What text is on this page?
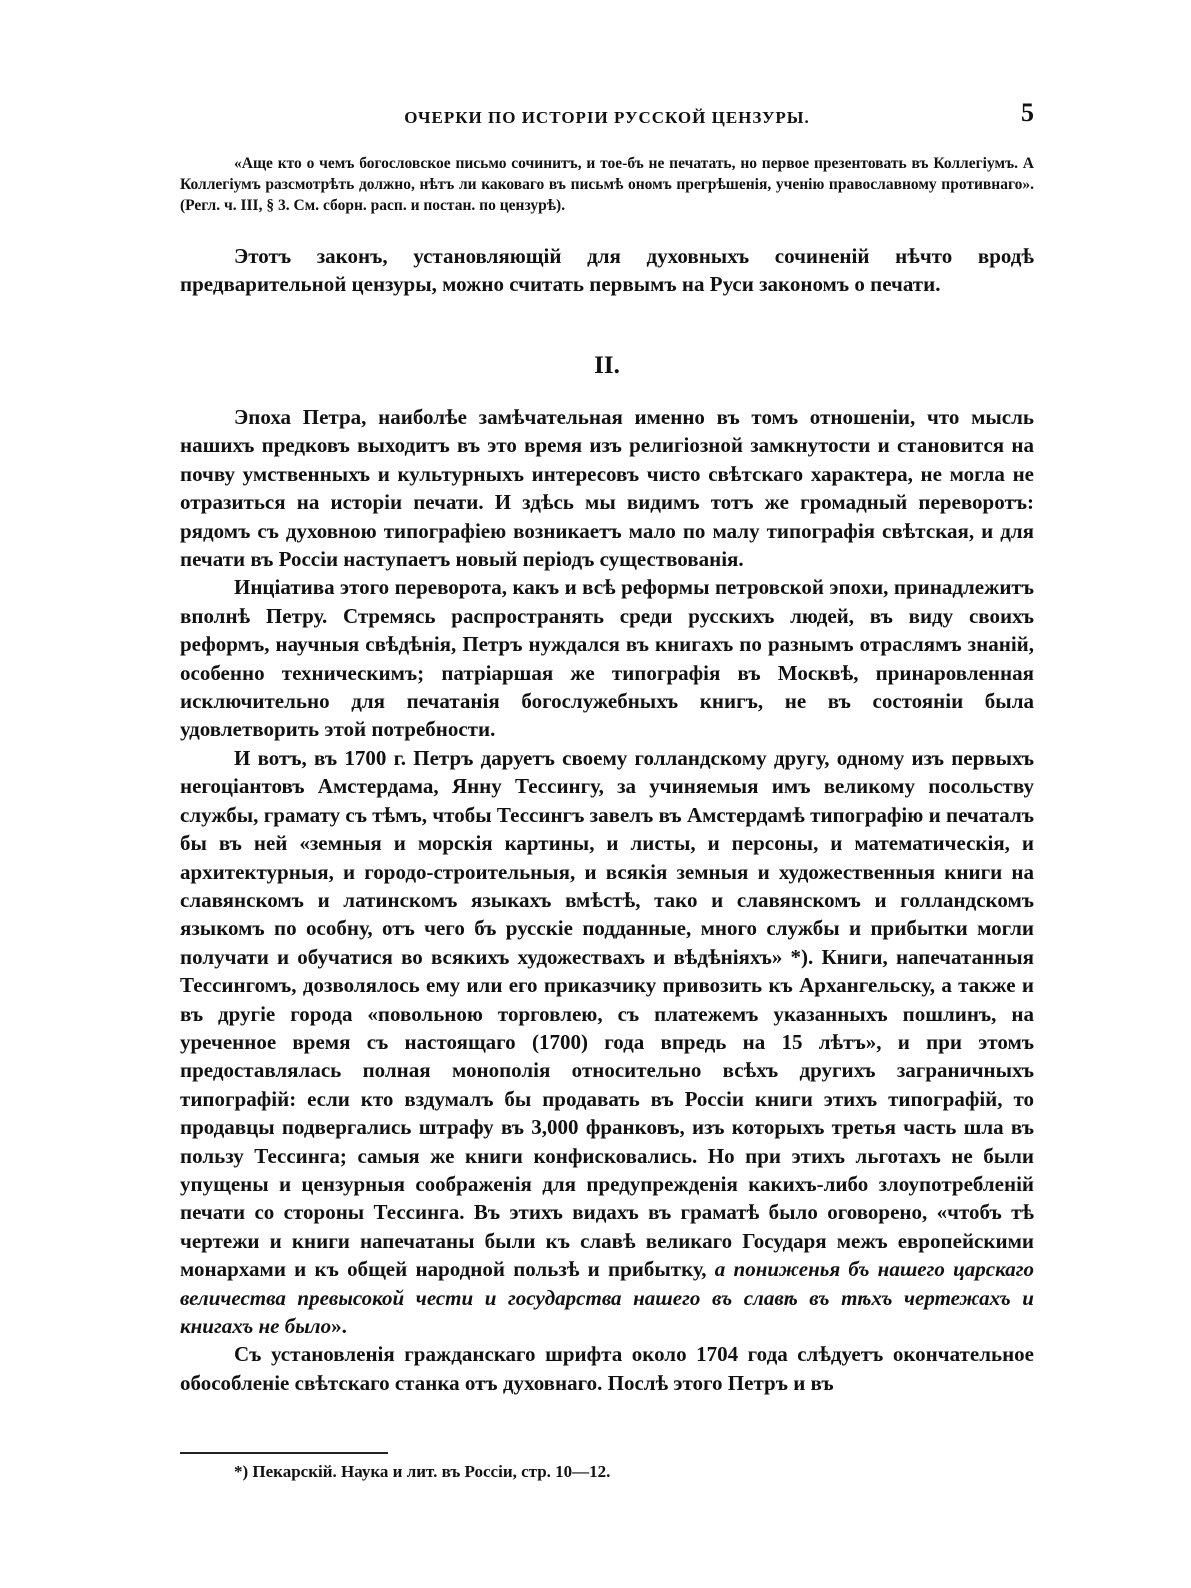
ОЧЕРКИ ПО ИСТОРІИ РУССКОЙ ЦЕНЗУРЫ.	5
«Аще кто о чемъ богословское письмо сочинитъ, и тое-бъ не печатать, но первое презентовать въ Коллегіумъ. А Коллегіумъ разсмотрѣть должно, нѣтъ ли каковаго въ письмѣ ономъ прегрѣшенія, ученію православному противнаго». (Регл. ч. III, § 3. См. сборн. расп. и постан. по цензурѣ).

Этотъ законъ, установляющій для духовныхъ сочиненій нѣчто вродѣ предварительной цензуры, можно считать первымъ на Руси закономъ о печати.

II.

Эпоха Петра, наиболѣе замѣчательная именно въ томъ отношеніи, что мысль нашихъ предковъ выходитъ въ это время изъ религіозной замкнутости и становится на почву умственныхъ и культурныхъ интересовъ чисто свѣтскаго характера, не могла не отразиться на исторіи печати. И здѣсь мы видимъ тотъ же громадный переворотъ: рядомъ съ духовною типографіею возникаетъ мало по малу типографія свѣтская, и для печати въ Россіи наступаетъ новый періодъ существованія.

Инціатива этого переворота, какъ и всѣ реформы петровской эпохи, принадлежитъ вполнѣ Петру. Стремясь распространять среди русскихъ людей, въ виду своихъ реформъ, научныя свѣдѣнія, Петръ нуждался въ книгахъ по разнымъ отраслямъ знаній, особенно техническимъ; патріаршая же типографія въ Москвѣ, принаровленная исключительно для печатанія богослужебныхъ книгъ, не въ состояніи была удовлетворить этой потребности.

И вотъ, въ 1700 г. Петръ даруетъ своему голландскому другу, одному изъ первыхъ негоціантовъ Амстердама, Янну Тессингу, за учиняемыя имъ великому посольству службы, грамату съ тѣмъ, чтобы Тессингъ завелъ въ Амстердамѣ типографію и печаталъ бы въ ней «земныя и морскія картины, и листы, и персоны, и математическія, и архитектурныя, и городо-строительныя, и всякія земныя и художественныя книги на славянскомъ и латинскомъ языкахъ вмѣстѣ, тако и славянскомъ и голландскомъ языкомъ по особну, отъ чего бъ русскіе подданные, много службы и прибытки могли получати и обучатися во всякихъ художествахъ и вѣдѣніяхъ» *). Книги, напечатанныя Тессингомъ, дозволялось ему или его приказчику привозить къ Архангельску, а также и въ другіе города «повольною торговлею, съ платежемъ указанныхъ пошлинъ, на уреченное время съ настоящаго (1700) года впредь на 15 лѣтъ», и при этомъ предоставлялась полная монополія относительно всѣхъ другихъ заграничныхъ типографій: если кто вздумалъ бы продавать въ Россіи книги этихъ типографій, то продавцы подвергались штрафу въ 3,000 франковъ, изъ которыхъ третья часть шла въ пользу Тессинга; самыя же книги конфисковались. Но при этихъ льготахъ не были упущены и цензурныя соображенія для предупрежденія какихъ-либо злоупотребленій печати со стороны Тессинга. Въ этихъ видахъ въ граматѣ было оговорено, «чтобъ тѣ чертежи и книги напечатаны были къ славѣ великаго Государя межъ европейскими монархами и къ общей народной пользѣ и прибытку, а пониженья бъ нашего царскаго величества превысокой чести и государства нашего въ славѣ въ тѣхъ чертежахъ и книгахъ не было».

Съ установленія гражданскаго шрифта около 1704 года слѣдуетъ окончательное обособленіе свѣтскаго станка отъ духовнаго. Послѣ этого Петръ и въ

*) Пекарскій. Наука и лит. въ Россіи, стр. 10—12.
